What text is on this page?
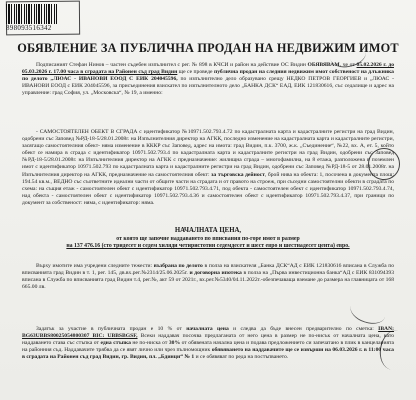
898093516342
ОБЯВЛЕНИЕ ЗА ПУБЛИЧНА ПРОДАН НА НЕДВИЖИМ ИМОТ

Подписаният Стефан Нинов – частен съдебен изпълнител с рег. № 898 в КЧСИ и район на действие ОС Видин ОБЯВЯВАМ, че от 05.02.2026 г. до 05.03.2026 г. 17.00 часа в сградата на Районен съд град Видин ще се проведе публична продан на следния недвижим имот собственост на длъжника по делото „ЛЮАС - ИВАНОВИ ЕООД С ЕИК 204045596, по изпълнително дело образувано срещу НЕДКО ПЕТРОВ ГЕОРГИЕВ и „ЛЮАС - ИВАНОВИ ЕООД с ЕИК 204045596, за присъединения взискател по изпълнителното дело „БАНКА ДСК“ ЕАД, ЕИК 121830616, със седалище и адрес на управление: град София, ул. „Московска“, № 19, а именно:

- САМОСТОЯТЕЛЕН ОБЕКТ В СГРАДА с идентификатор №10971.502.793.4.72 по кадастралната карта и кадастралните регистри на град Видин, одобрени със Заповед №РД-18-5/28.01.2008г. на Изпълнителния директор на АГКК, последно изменение на кадастралната карта и кадастралните регистри, засягащо самостоятелния обект- няма изменение в КККР със Заповед, адрес на имота: град Видин, п.к. 3700, ж.к. „Съединение“, №22, вх. А, ет. 5, който обект се намира в сграда с идентификатор 10971.502.793.4 по кадастралната карта и кадастралните регистри на град Видин, одобрени със Заповед №РД-18-5/28.01.2008г. на Изпълнителния директор на АГКК с предназначение: жилищна сграда – многофамилна, на 8 етажа, разположена в поземлен имот с идентификатор 10971.502.793 по кадастралната карта и кадастралните регистри на град Видин, одобрени със Заповед №РД-18-5 от 28.01.2008г. на Изпълнителния директор на АГКК, предназначение на самостоятелния обект: за търговска дейност, брой нива на обекта: 1, посочена в документа площ: 194.54 кв.м., ВЕДНО със съответните идеални части от общите части на сградата и от правото на строеж, при съседни самостоятелни обекти в сградата по схема: на същия етаж - самостоятелен обект с идентификатор 10971.502.793.4.71, под обекта - самостоятелен обект с идентификатор 10971.502.793.4.74, над обекта - самостоятелен обект с идентификатор 10971.502.793.4.36 и самостоятелен обект с идентификатор 10971.502.793.4.37, при граници по документ за собственост: няма, с идентификатор: няма.

НАЧАЛНАТА ЦЕНА,

от която ще започне наддаването по вписвания по-горе имот в размер
на 137 476.16 (сто тридесет и седем хиляди четиристотин седемдесет и шест евро и шестнадесет цента) евро.

Върху имотите има учредени следните тежести: възбрана по делото в полза на взискателя „Банка ДСК“АД с ЕИК 121830616 вписана в Служба по вписванията град Видин в т. 1, рег. 145, дв.вх.рег.№2314/25.06.2025г. и договорна ипотека в полза на „Първа инвестиционна банка“АД с ЕИК 831094393 вписана в Служба по вписванията град Видин т.4, рег.№, акт 59 от 2021г., вх.рег.№5340/04.11.2022г.-обезпечаваща вземане до размера на главницата от 168 665.00 лв.

Задатък за участие в публичната продан е 10 % от началната цена и следва да бъде внесен предварително по сметка: IBAN: BG63UBBS80025054800307 BIC: UBBSBGSF, Всеки наддавач посочва предлаганата от него цена в размер не по-нисък от началната цена, като наддаването става със стъпка от една стъпка не по-ниска от 30% от обявената начална цена и подава предложението си запечатано в плик в канцеларията на районния съд. Наддавачите трябва да се явят лично или чрез пълномощник обявяването на наддавачите ще се извърши на 06.03.2026 г. в 11:00 часа в сградата на Районен съд град Видин, гр. Видин, пл. „Бдинци“ № 1 и се обявяват по реда на постъпването.
